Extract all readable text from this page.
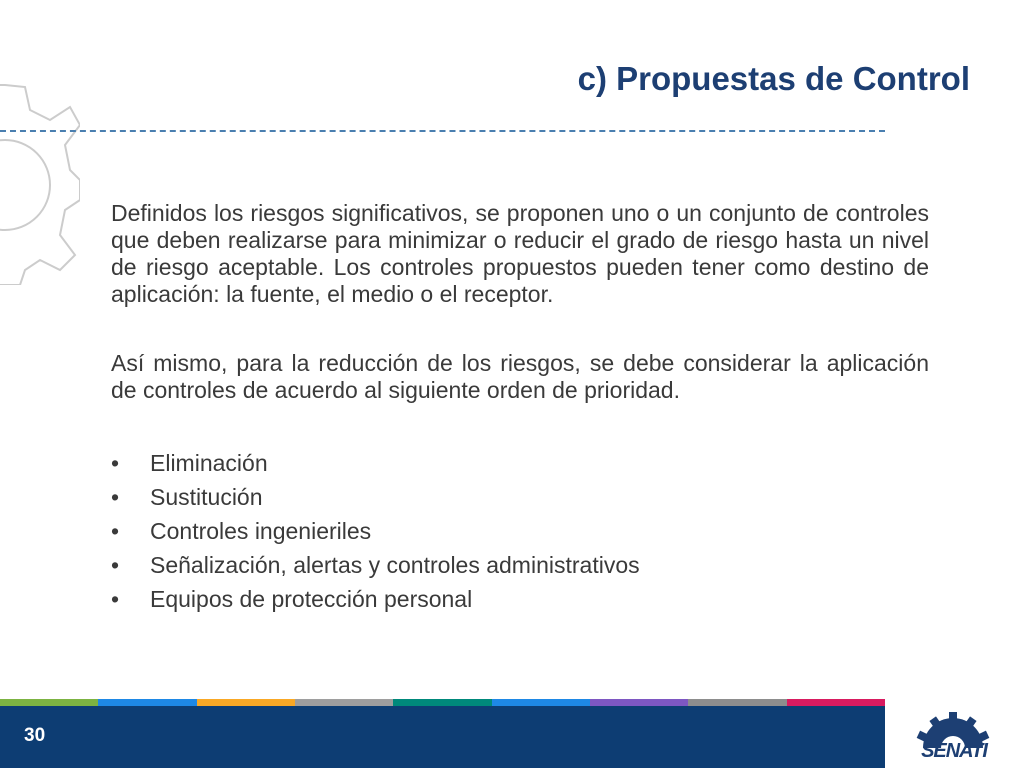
c) Propuestas de Control

Definidos los riesgos significativos, se proponen uno o un conjunto de controles que deben realizarse para minimizar o reducir el grado de riesgo hasta un nivel de riesgo aceptable. Los controles propuestos pueden tener como destino de aplicación: la fuente, el medio o el receptor.

Así mismo, para la reducción de los riesgos, se debe considerar la aplicación de controles de acuerdo al siguiente orden de prioridad.

• Eliminación
• Sustitución
• Controles ingenieriles
• Señalización, alertas y controles administrativos
• Equipos de protección personal
30
SENATI
